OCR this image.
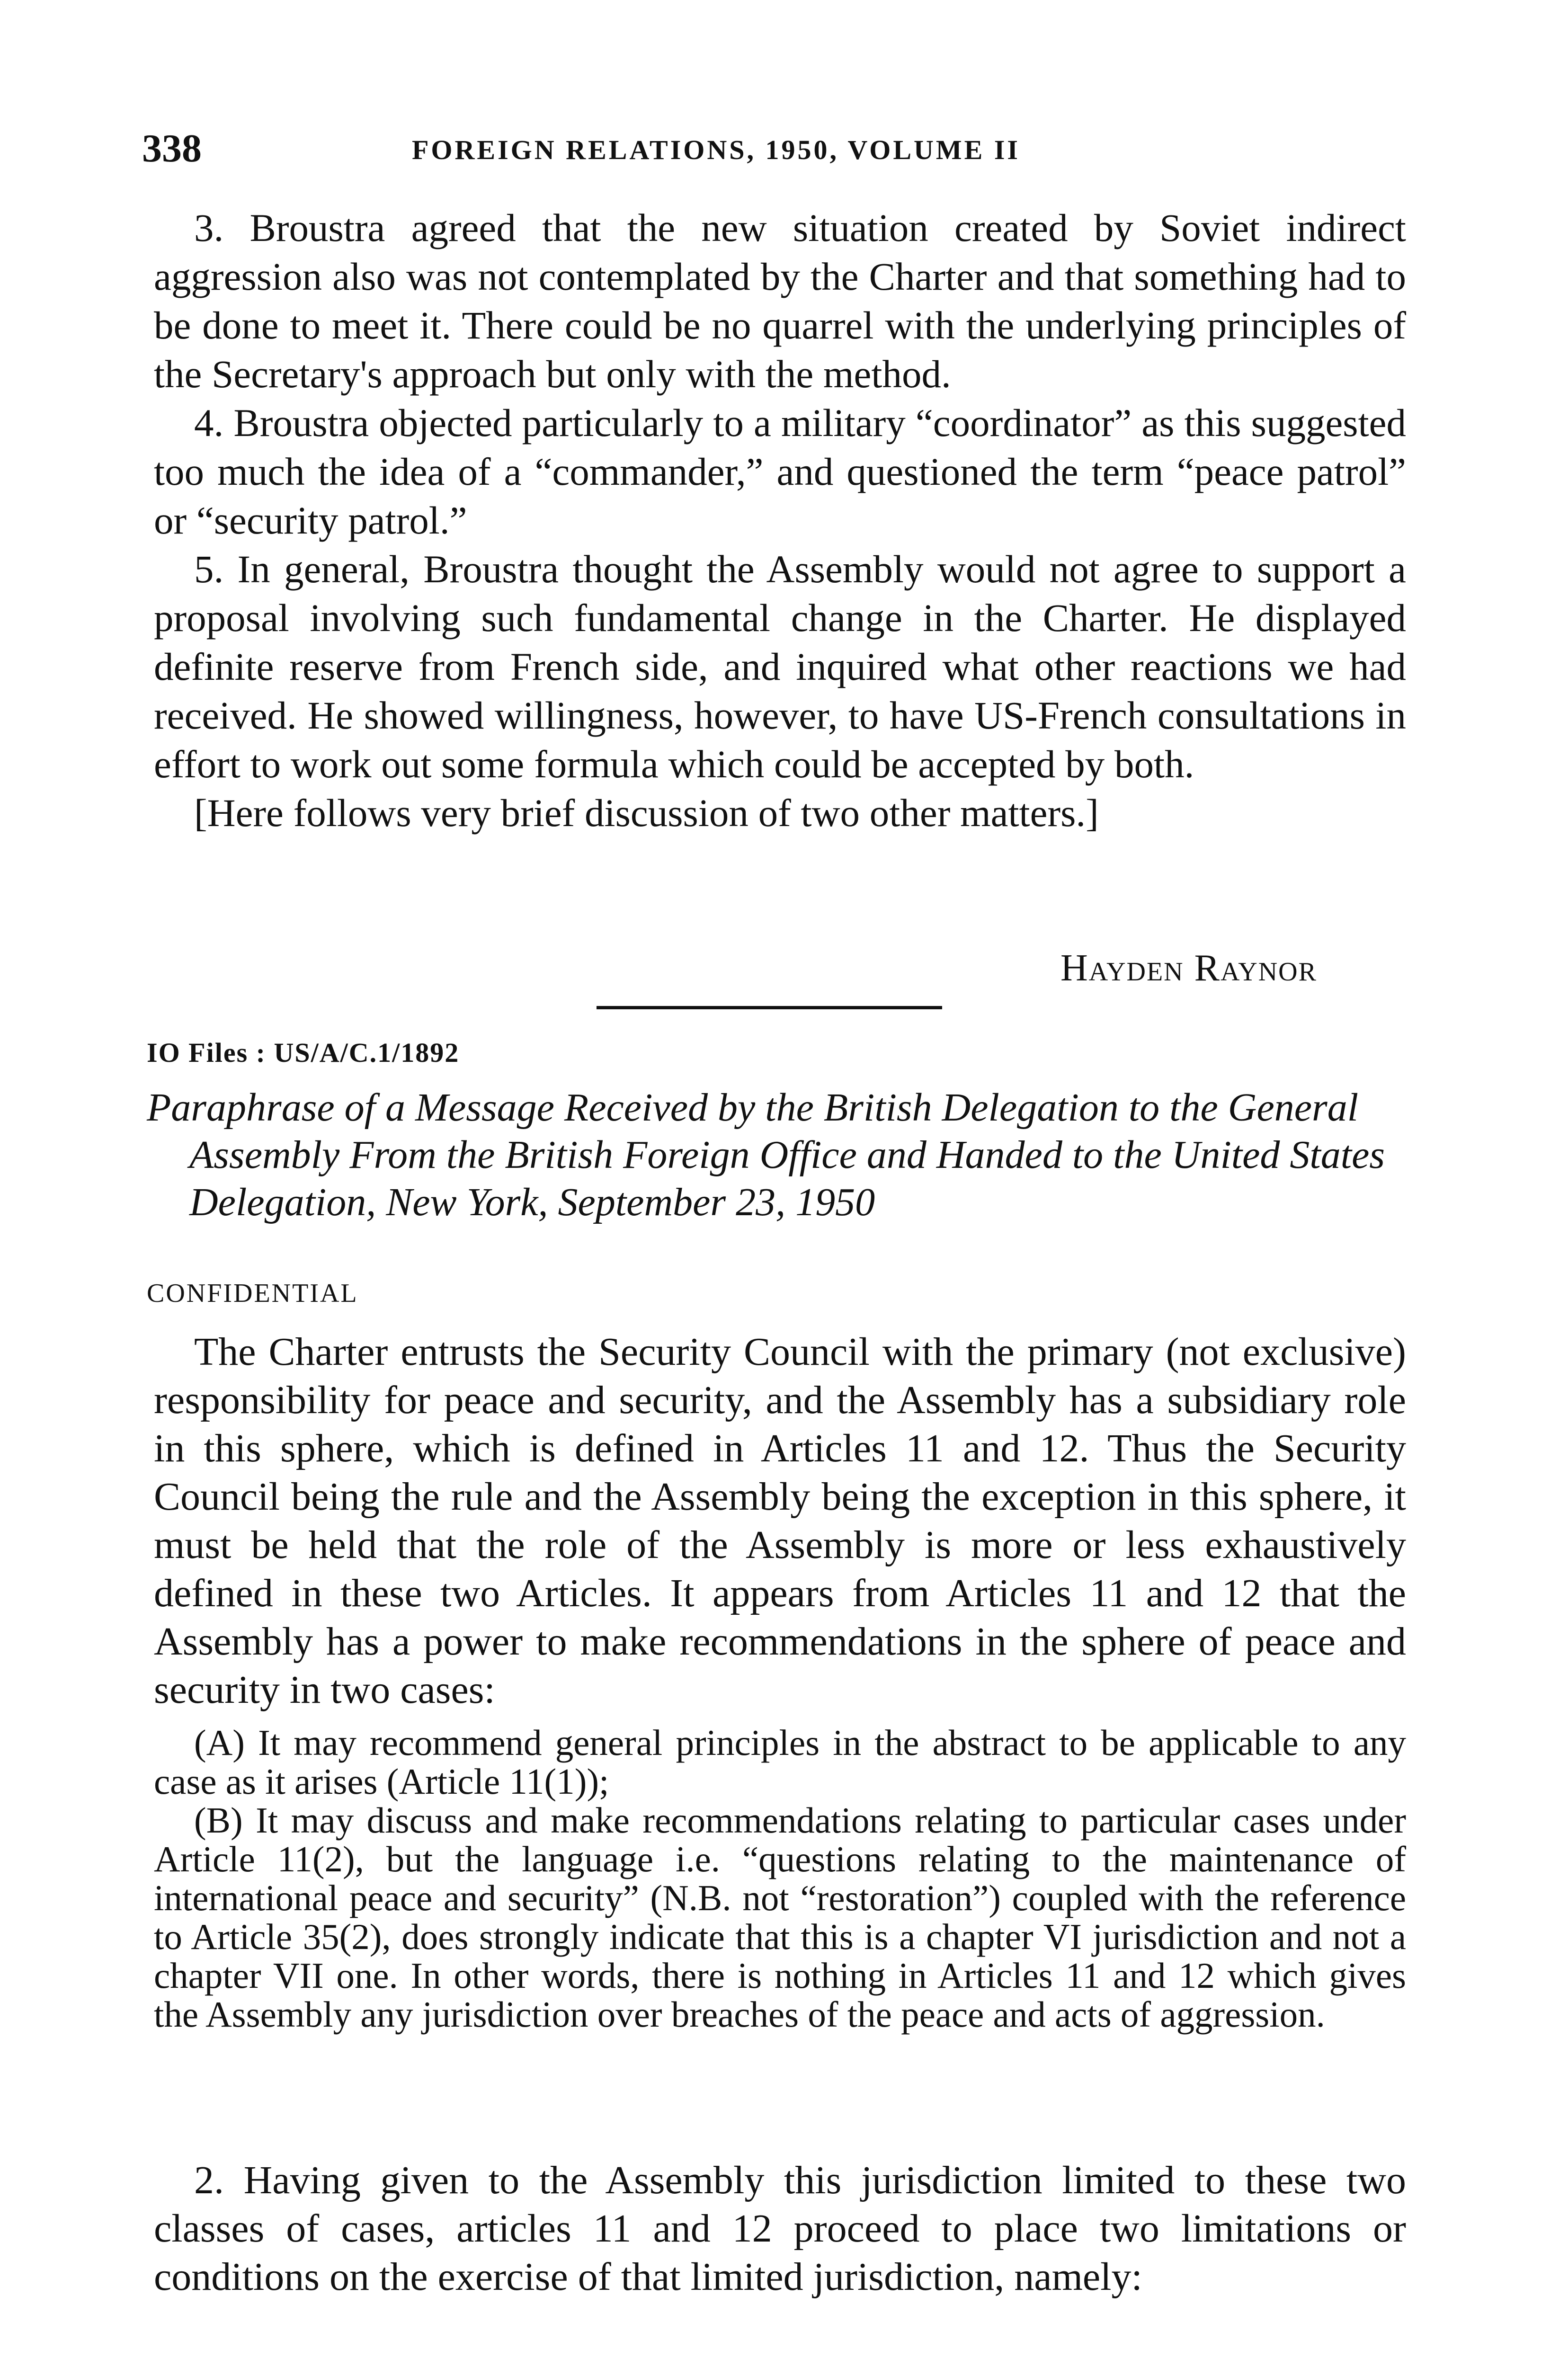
338	FOREIGN RELATIONS, 1950, VOLUME II

3. Broustra agreed that the new situation created by Soviet indirect aggression also was not contemplated by the Charter and that something had to be done to meet it. There could be no quarrel with the underlying principles of the Secretary's approach but only with the method.

4. Broustra objected particularly to a military “coordinator” as this suggested too much the idea of a “commander,” and questioned the term “peace patrol” or “security patrol.”

5. In general, Broustra thought the Assembly would not agree to support a proposal involving such fundamental change in the Charter. He displayed definite reserve from French side, and inquired what other reactions we had received. He showed willingness, however, to have US-French consultations in effort to work out some formula which could be accepted by both.

[Here follows very brief discussion of two other matters.]

Hayden Raynor
IO Files : US/A/C.1/1892

Paraphrase of a Message Received by the British Delegation to the General Assembly From the British Foreign Office and Handed to the United States Delegation, New York, September 23, 1950

CONFIDENTIAL

The Charter entrusts the Security Council with the primary (not exclusive) responsibility for peace and security, and the Assembly has a subsidiary role in this sphere, which is defined in Articles 11 and 12. Thus the Security Council being the rule and the Assembly being the exception in this sphere, it must be held that the role of the Assembly is more or less exhaustively defined in these two Articles. It appears from Articles 11 and 12 that the Assembly has a power to make recommendations in the sphere of peace and security in two cases:

(A) It may recommend general principles in the abstract to be applicable to any case as it arises (Article 11(1));

(B) It may discuss and make recommendations relating to particular cases under Article 11(2), but the language i.e. “questions relating to the maintenance of international peace and security” (N.B. not “restoration”) coupled with the reference to Article 35(2), does strongly indicate that this is a chapter VI jurisdiction and not a chapter VII one. In other words, there is nothing in Articles 11 and 12 which gives the Assembly any jurisdiction over breaches of the peace and acts of aggression.

2. Having given to the Assembly this jurisdiction limited to these two classes of cases, articles 11 and 12 proceed to place two limitations or conditions on the exercise of that limited jurisdiction, namely:
